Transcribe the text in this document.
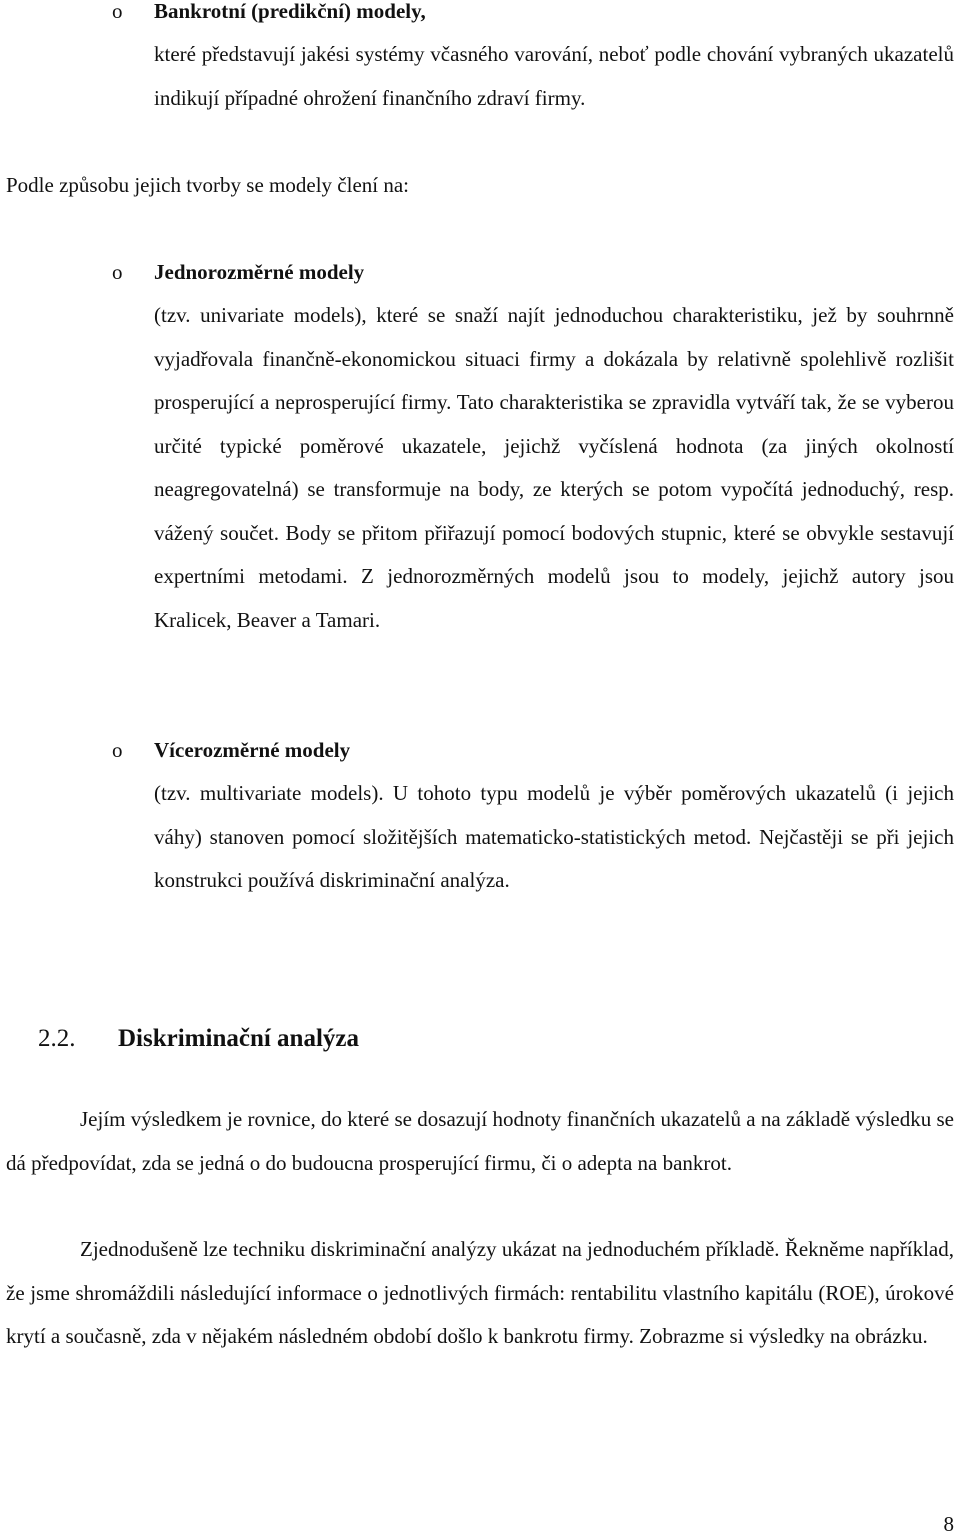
o	Bankrotní (predikční) modely,

které představují jakési systémy včasného varování, neboť podle chování vybraných ukazatelů indikují případné ohrožení finančního zdraví firmy.

Podle způsobu jejich tvorby se modely člení na:

o	Jednorozměrné modely

(tzv. univariate models), které se snaží najít jednoduchou charakteristiku, jež by souhrnně vyjadřovala finančně-ekonomickou situaci firmy a dokázala by relativně spolehlivě rozlišit prosperující a neprosperující firmy. Tato charakteristika se zpravidla vytváří tak, že se vyberou určité typické poměrové ukazatele, jejichž vyčíslená hodnota (za jiných okolností neagregovatelná) se transformuje na body, ze kterých se potom vypočítá jednoduchý, resp. vážený součet. Body se přitom přiřazují pomocí bodových stupnic, které se obvykle sestavují expertními metodami. Z jednorozměrných modelů jsou to modely, jejichž autory jsou Kralicek, Beaver a Tamari.

o	Vícerozměrné modely

(tzv. multivariate models). U tohoto typu modelů je výběr poměrových ukazatelů (i jejich váhy) stanoven pomocí složitějších matematicko-statistických metod. Nejčastěji se při jejich konstrukci používá diskriminační analýza.

2.2. Diskriminační analýza

Jejím výsledkem je rovnice, do které se dosazují hodnoty finančních ukazatelů a na základě výsledku se dá předpovídat, zda se jedná o do budoucna prosperující firmu, či o adepta na bankrot.

Zjednodušeně lze techniku diskriminační analýzy ukázat na jednoduchém příkladě. Řekněme například, že jsme shromáždili následující informace o jednotlivých firmách: rentabilitu vlastního kapitálu (ROE), úrokové krytí a současně, zda v nějakém následném období došlo k bankrotu firmy. Zobrazme si výsledky na obrázku.

8
